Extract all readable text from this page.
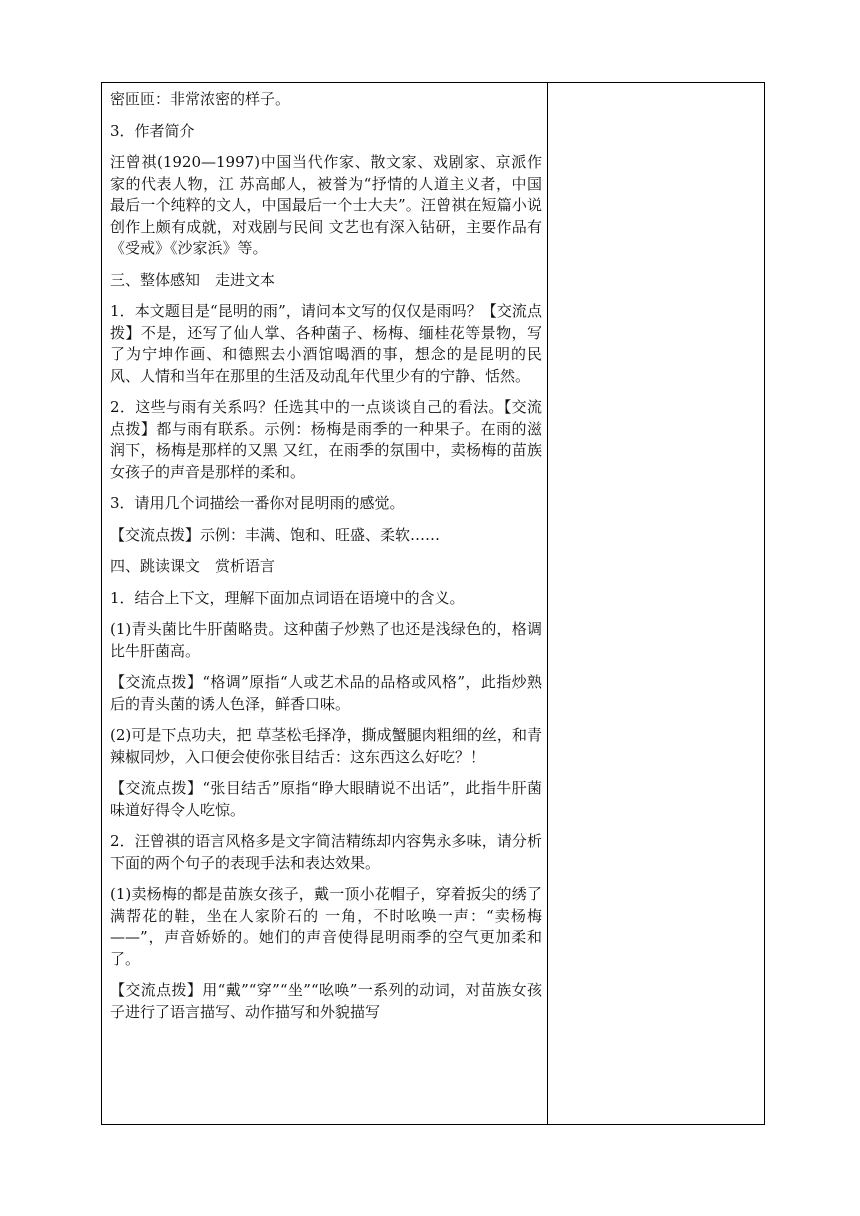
密匝匝：非常浓密的样子。

3．作者简介

汪曾祺(1920—1997)中国当代作家、散文家、戏剧家、京派作家的代表人物，江 苏高邮人，被誉为“抒情的人道主义者，中国最后一个纯粹的文人，中国最后一个士大夫”。汪曾祺在短篇小说创作上颇有成就，对戏剧与民间 文艺也有深入钻研，主要作品有《受戒》《沙家浜》等。

三、整体感知　走进文本

1．本文题目是“昆明的雨”，请问本文写的仅仅是雨吗？【交流点拨】不是，还写了仙人掌、各种菌子、杨梅、缅桂花等景物，写了为宁坤作画、和德熙去小酒馆喝酒的事，想念的是昆明的民风、人情和当年在那里的生活及动乱年代里少有的宁静、恬然。

2．这些与雨有关系吗？任选其中的一点谈谈自己的看法。【交流点拨】都与雨有联系。示例：杨梅是雨季的一种果子。在雨的滋润下，杨梅是那样的又黑 又红，在雨季的氛围中，卖杨梅的苗族女孩子的声音是那样的柔和。

3．请用几个词描绘一番你对昆明雨的感觉。

【交流点拨】示例：丰满、饱和、旺盛、柔软……

四、跳读课文　赏析语言

1．结合上下文，理解下面加点词语在语境中的含义。

(1)青头菌比牛肝菌略贵。这种菌子炒熟了也还是浅绿色的，格调比牛肝菌高。

【交流点拨】“格调”原指“人或艺术品的品格或风格”，此指炒熟后的青头菌的诱人色泽，鲜香口味。

(2)可是下点功夫，把 草茎松毛择净，撕成蟹腿肉粗细的丝，和青辣椒同炒，入口便会使你张目结舌：这东西这么好吃？！

【交流点拨】“张目结舌”原指“睁大眼睛说不出话”，此指牛肝菌味道好得令人吃惊。

2．汪曾祺的语言风格多是文字简洁精练却内容隽永多味，请分析下面的两个句子的表现手法和表达效果。

(1)卖杨梅的都是苗族女孩子，戴一顶小花帽子，穿着扳尖的绣了满帮花的鞋，坐在人家阶石的 一角，不时吆唤一声：“卖杨梅——”，声音娇娇的。她们的声音使得昆明雨季的空气更加柔和了。

【交流点拨】用“戴”“穿”“坐”“吆唤”一系列的动词，对苗族女孩子进行了语言描写、动作描写和外貌描写
